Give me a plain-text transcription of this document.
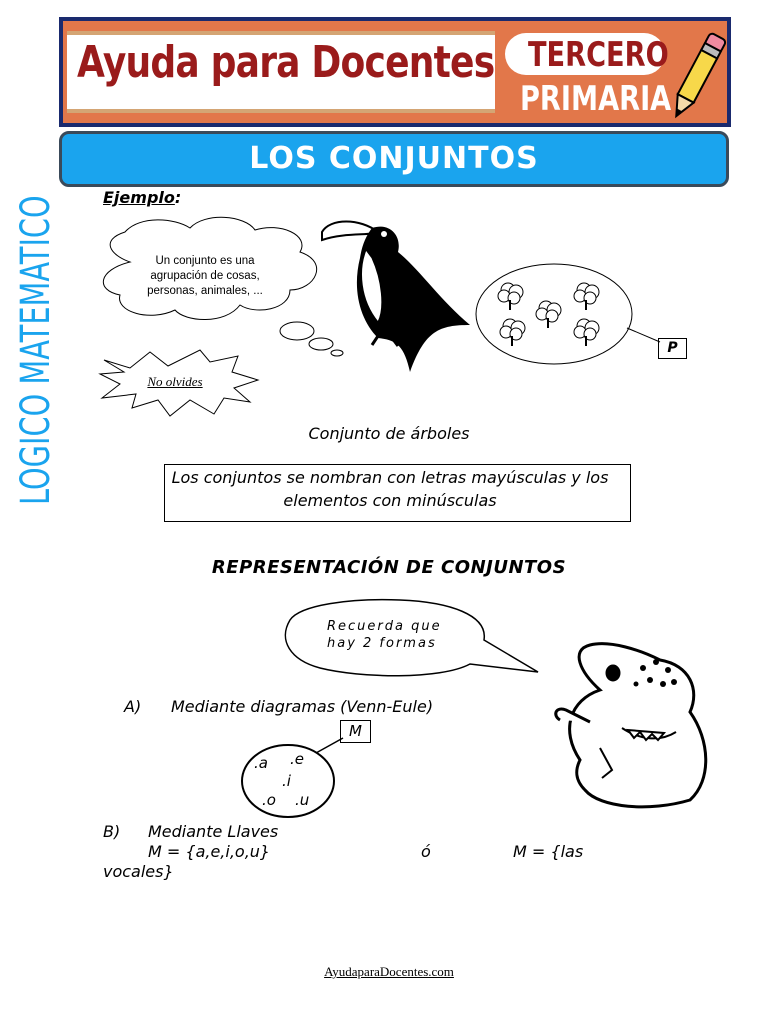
Ayuda para Docentes TERCERO
PRIMARIA
LOS CONJUNTOS
LOGICO MATEMATICO	Ejemplo:
Un conjunto es una agrupación de cosas, personas, animales, ...
No olvides
P
Conjunto de árboles
Los conjuntos se nombran con letras mayúsculas y los
elementos con minúsculas
REPRESENTACIÓN DE CONJUNTOS
Recuerda que
hay 2 formas
A) Mediante diagramas (Venn-Eule)
M
.a .e
.i
.o .u
B) Mediante Llaves
M = {a,e,i,o,u}	ó	M = {las
vocales}
AyudaparaDocentes.com
